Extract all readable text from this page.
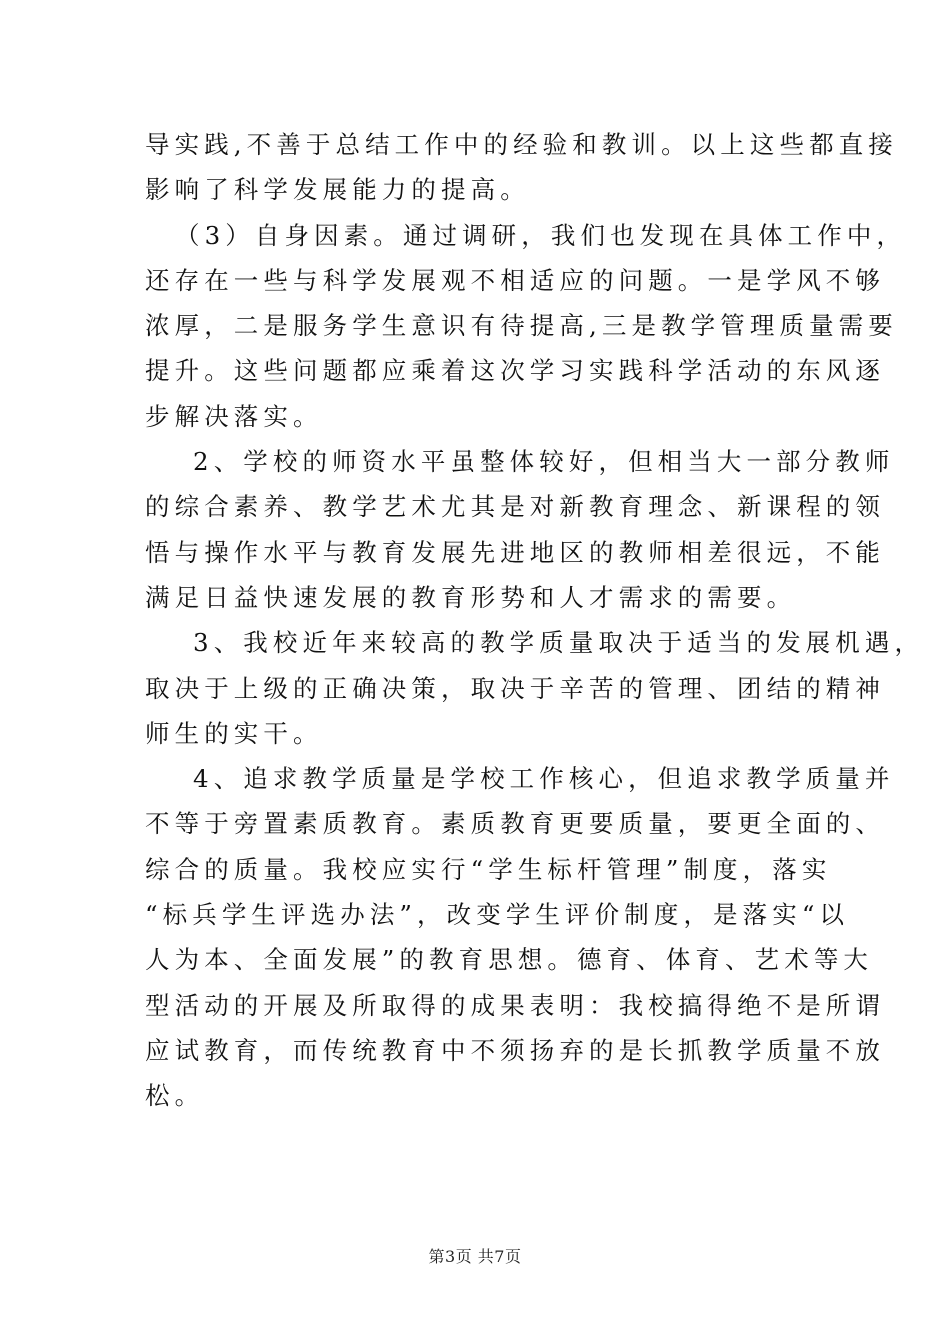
导实践,不善于总结工作中的经验和教训。以上这些都直接
影响了科学发展能力的提高。
（3）自身因素。通过调研，我们也发现在具体工作中，
还存在一些与科学发展观不相适应的问题。一是学风不够
浓厚，二是服务学生意识有待提高,三是教学管理质量需要
提升。这些问题都应乘着这次学习实践科学活动的东风逐
步解决落实。
2、学校的师资水平虽整体较好，但相当大一部分教师
的综合素养、教学艺术尤其是对新教育理念、新课程的领
悟与操作水平与教育发展先进地区的教师相差很远，不能
满足日益快速发展的教育形势和人才需求的需要。
3、我校近年来较高的教学质量取决于适当的发展机遇，
取决于上级的正确决策，取决于辛苦的管理、团结的精神
师生的实干。
4、追求教学质量是学校工作核心，但追求教学质量并
不等于旁置素质教育。素质教育更要质量，要更全面的、
综合的质量。我校应实行“学生标杆管理”制度，落实
“标兵学生评选办法”，改变学生评价制度，是落实“以
人为本、全面发展”的教育思想。德育、体育、艺术等大
型活动的开展及所取得的成果表明：我校搞得绝不是所谓
应试教育，而传统教育中不须扬弃的是长抓教学质量不放
松。
第3页 共7页
